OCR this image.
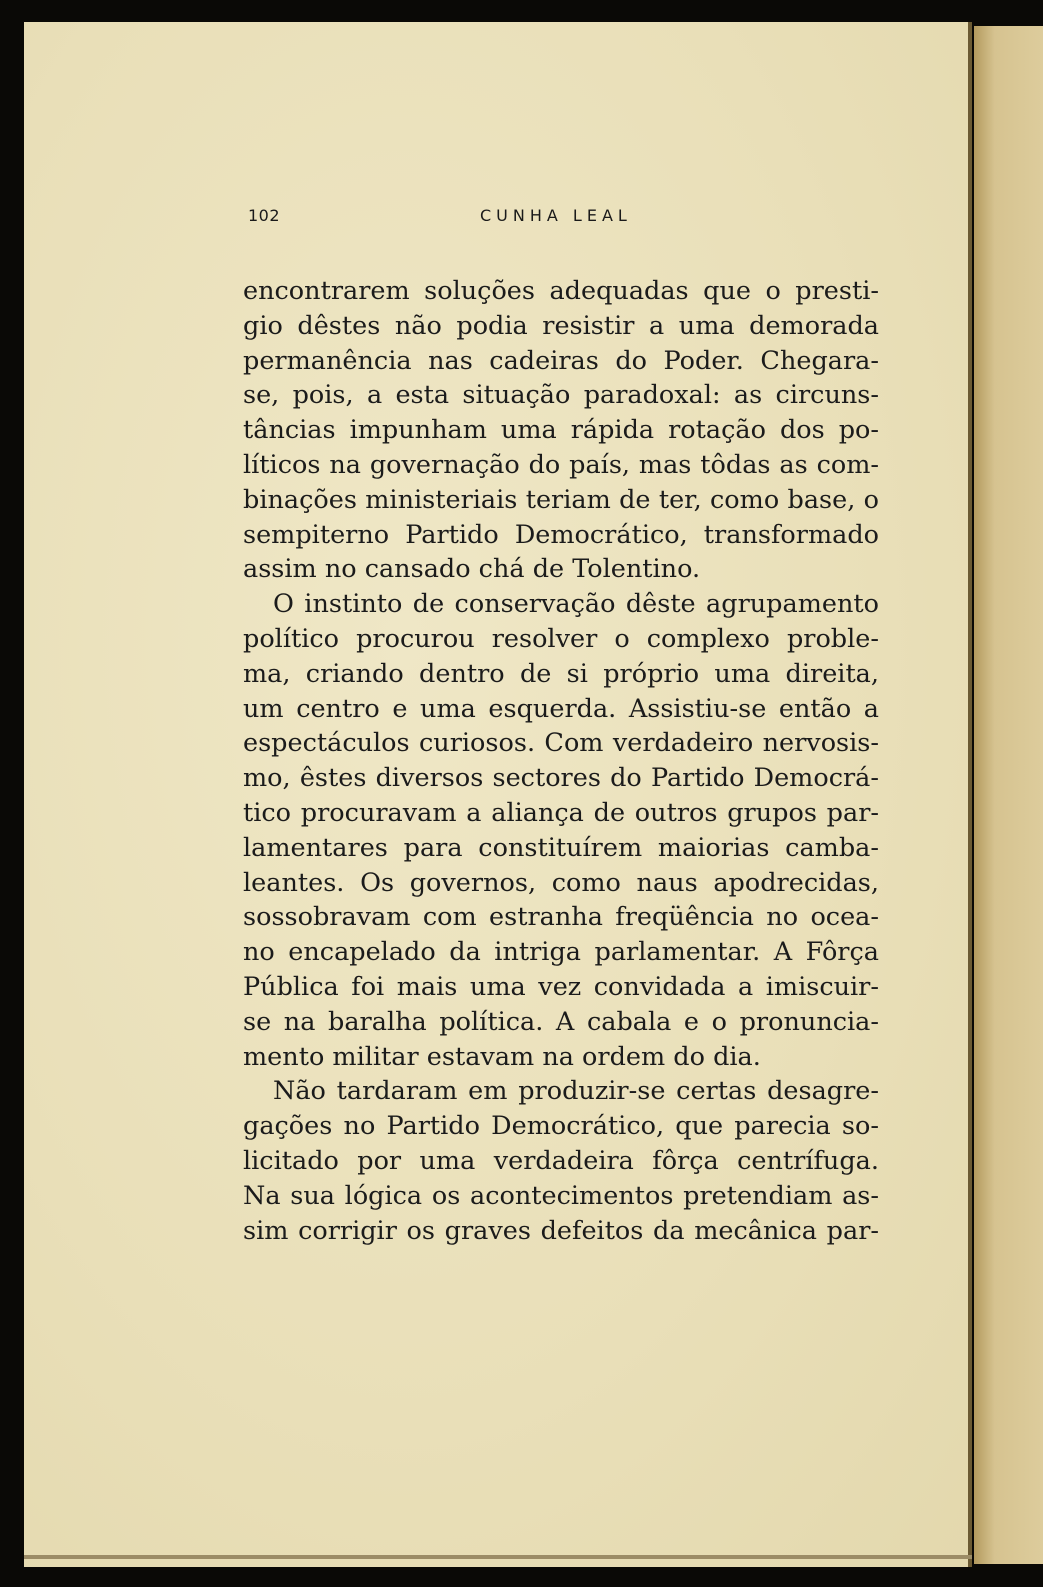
102	CUNHA LEAL
encontrarem soluções adequadas que o presti-
gio dêstes não podia resistir a uma demorada
permanência nas cadeiras do Poder. Chegara-
se, pois, a esta situação paradoxal: as circuns-
tâncias impunham uma rápida rotação dos po-
líticos na governação do país, mas tôdas as com-
binações ministeriais teriam de ter, como base, o
sempiterno Partido Democrático, transformado
assim no cansado chá de Tolentino.
O instinto de conservação dêste agrupamento
político procurou resolver o complexo proble-
ma, criando dentro de si próprio uma direita,
um centro e uma esquerda. Assistiu-se então a
espectáculos curiosos. Com verdadeiro nervosis-
mo, êstes diversos sectores do Partido Democrá-
tico procuravam a aliança de outros grupos par-
lamentares para constituírem maiorias camba-
leantes. Os governos, como naus apodrecidas,
sossobravam com estranha freqüência no ocea-
no encapelado da intriga parlamentar. A Fôrça
Pública foi mais uma vez convidada a imiscuir-
se na baralha política. A cabala e o pronuncia-
mento militar estavam na ordem do dia.
Não tardaram em produzir-se certas desagre-
gações no Partido Democrático, que parecia so-
licitado por uma verdadeira fôrça centrífuga.
Na sua lógica os acontecimentos pretendiam as-
sim corrigir os graves defeitos da mecânica par-
